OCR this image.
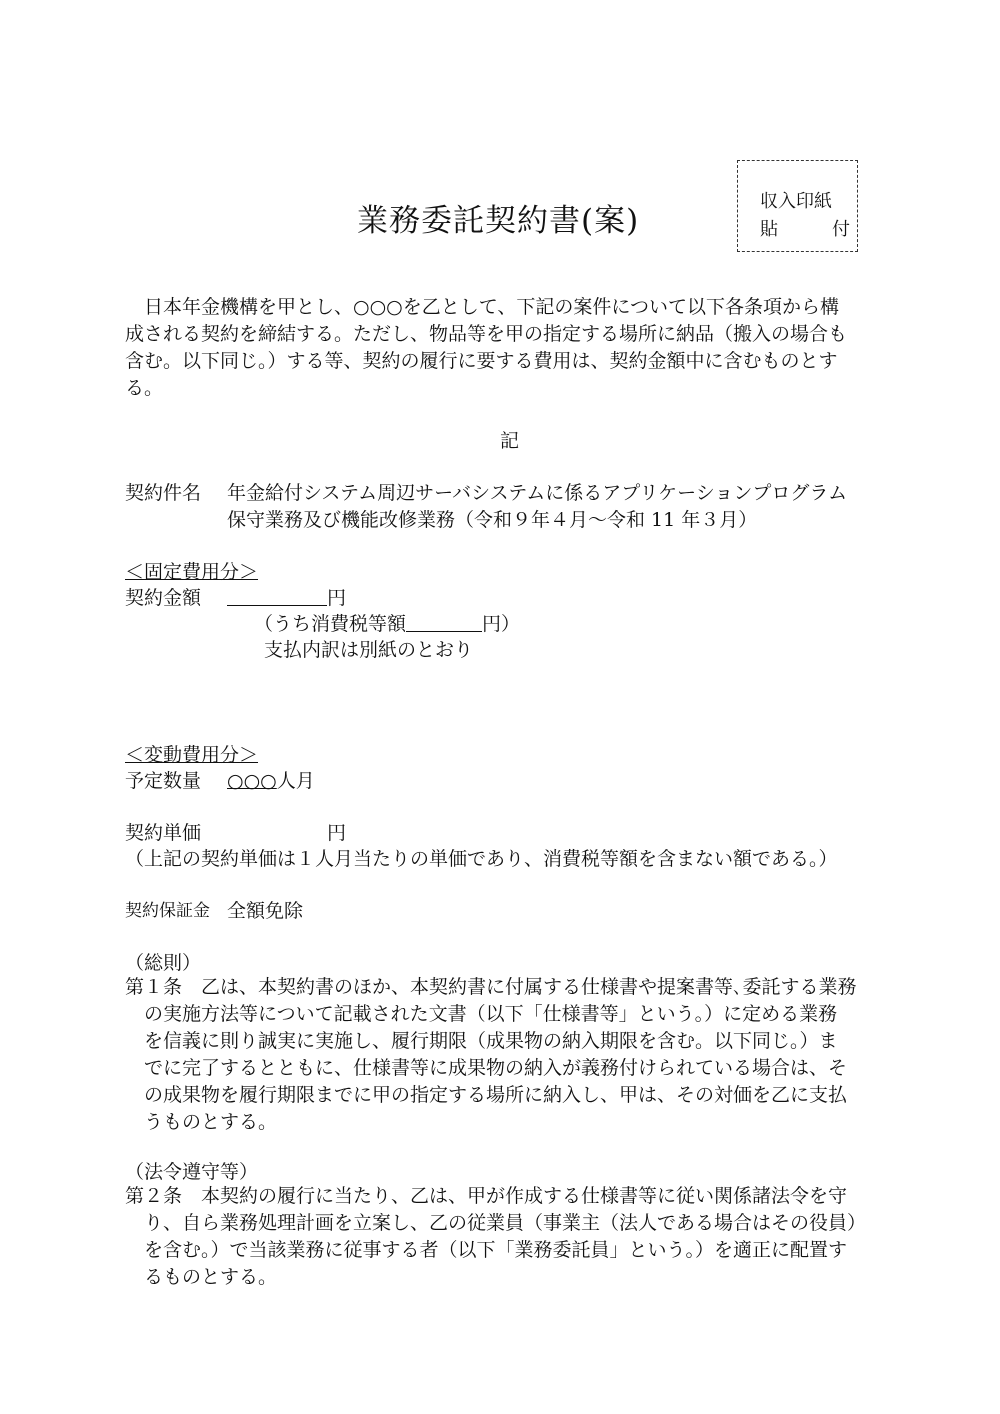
収入印紙
貼	付
業務委託契約書(案)
日本年金機構を甲とし、○○○を乙として、下記の案件について以下各条項から構
成される契約を締結する。ただし、物品等を甲の指定する場所に納品（搬入の場合も
含む。以下同じ。）する等、契約の履行に要する費用は、契約金額中に含むものとす
る。
記
契約件名 年金給付システム周辺サーバシステムに係るアプリケーションプログラム
保守業務及び機能改修業務（令和９年４月～令和 11 年３月）
＜固定費用分＞
契約金額	円
（うち消費税等額	円）
支払内訳は別紙のとおり
＜変動費用分＞
予定数量 ○○○人月
契約単価	円
（上記の契約単価は１人月当たりの単価であり、消費税等額を含まない額である。）
契約保証金 全額免除
（総則）
第１条　乙は、本契約書のほか、本契約書に付属する仕様書や提案書等､委託する業務
の実施方法等について記載された文書（以下「仕様書等」という。）に定める業務
を信義に則り誠実に実施し、履行期限（成果物の納入期限を含む。以下同じ。）ま
でに完了するとともに、仕様書等に成果物の納入が義務付けられている場合は、そ
の成果物を履行期限までに甲の指定する場所に納入し、甲は、その対価を乙に支払
うものとする。
（法令遵守等）
第２条　本契約の履行に当たり、乙は、甲が作成する仕様書等に従い関係諸法令を守
り、自ら業務処理計画を立案し、乙の従業員（事業主（法人である場合はその役員）
を含む。）で当該業務に従事する者（以下「業務委託員」という。）を適正に配置す
るものとする。
